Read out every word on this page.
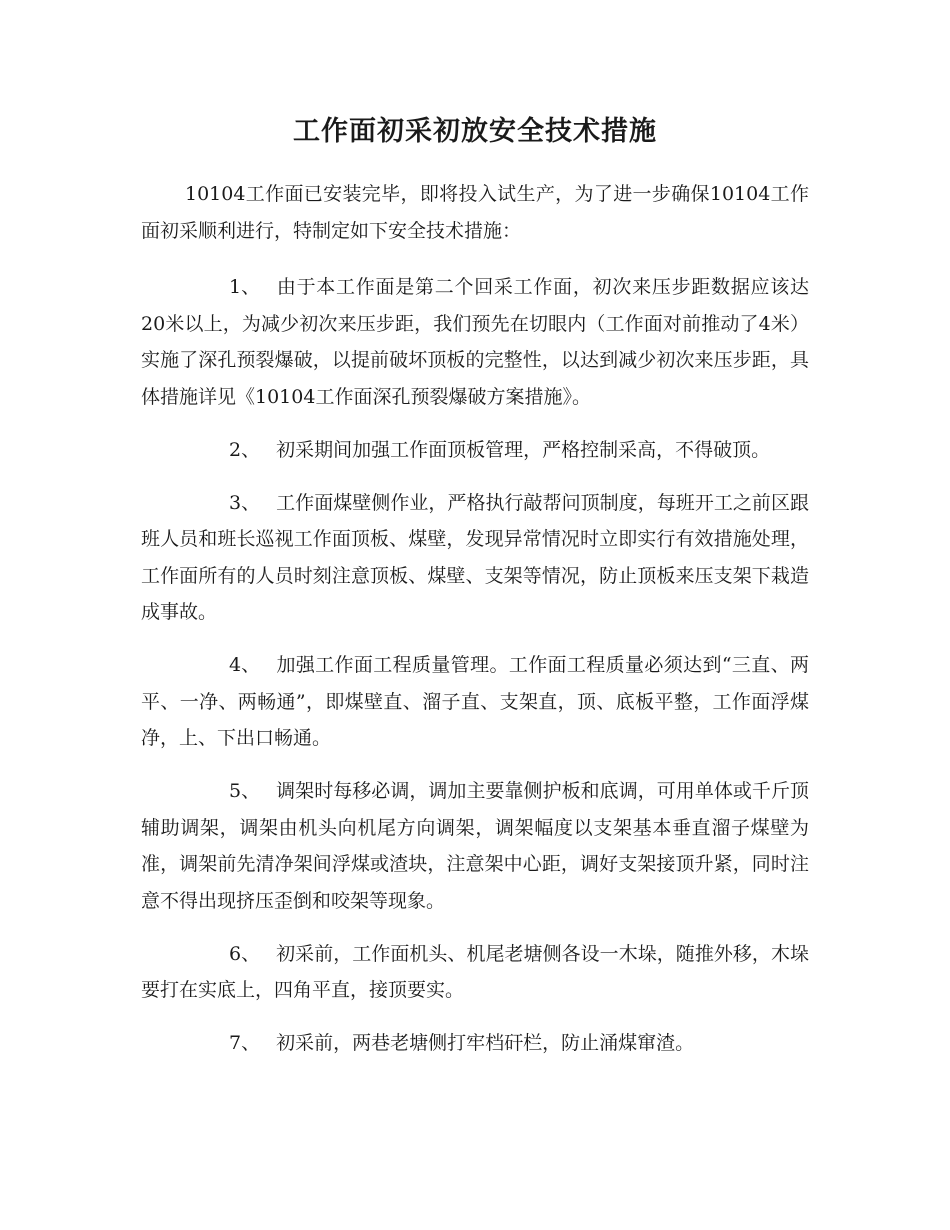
工作面初采初放安全技术措施

10104工作面已安装完毕，即将投入试生产，为了进一步确保10104工作面初采顺利进行，特制定如下安全技术措施：

1、 由于本工作面是第二个回采工作面，初次来压步距数据应该达20米以上，为减少初次来压步距，我们预先在切眼内（工作面对前推动了4米）实施了深孔预裂爆破，以提前破坏顶板的完整性，以达到减少初次来压步距，具体措施详见《10104工作面深孔预裂爆破方案措施》。

2、 初采期间加强工作面顶板管理，严格控制采高，不得破顶。

3、 工作面煤壁侧作业，严格执行敲帮问顶制度，每班开工之前区跟班人员和班长巡视工作面顶板、煤壁，发现异常情况时立即实行有效措施处理，工作面所有的人员时刻注意顶板、煤壁、支架等情况，防止顶板来压支架下栽造成事故。

4、 加强工作面工程质量管理。工作面工程质量必须达到“三直、两平、一净、两畅通”，即煤壁直、溜子直、支架直，顶、底板平整，工作面浮煤净，上、下出口畅通。

5、 调架时每移必调，调加主要靠侧护板和底调，可用单体或千斤顶辅助调架，调架由机头向机尾方向调架，调架幅度以支架基本垂直溜子煤壁为准，调架前先清净架间浮煤或渣块，注意架中心距，调好支架接顶升紧，同时注意不得出现挤压歪倒和咬架等现象。

6、 初采前，工作面机头、机尾老塘侧各设一木垛，随推外移，木垛要打在实底上，四角平直，接顶要实。

7、 初采前，两巷老塘侧打牢档矸栏，防止涌煤窜渣。
